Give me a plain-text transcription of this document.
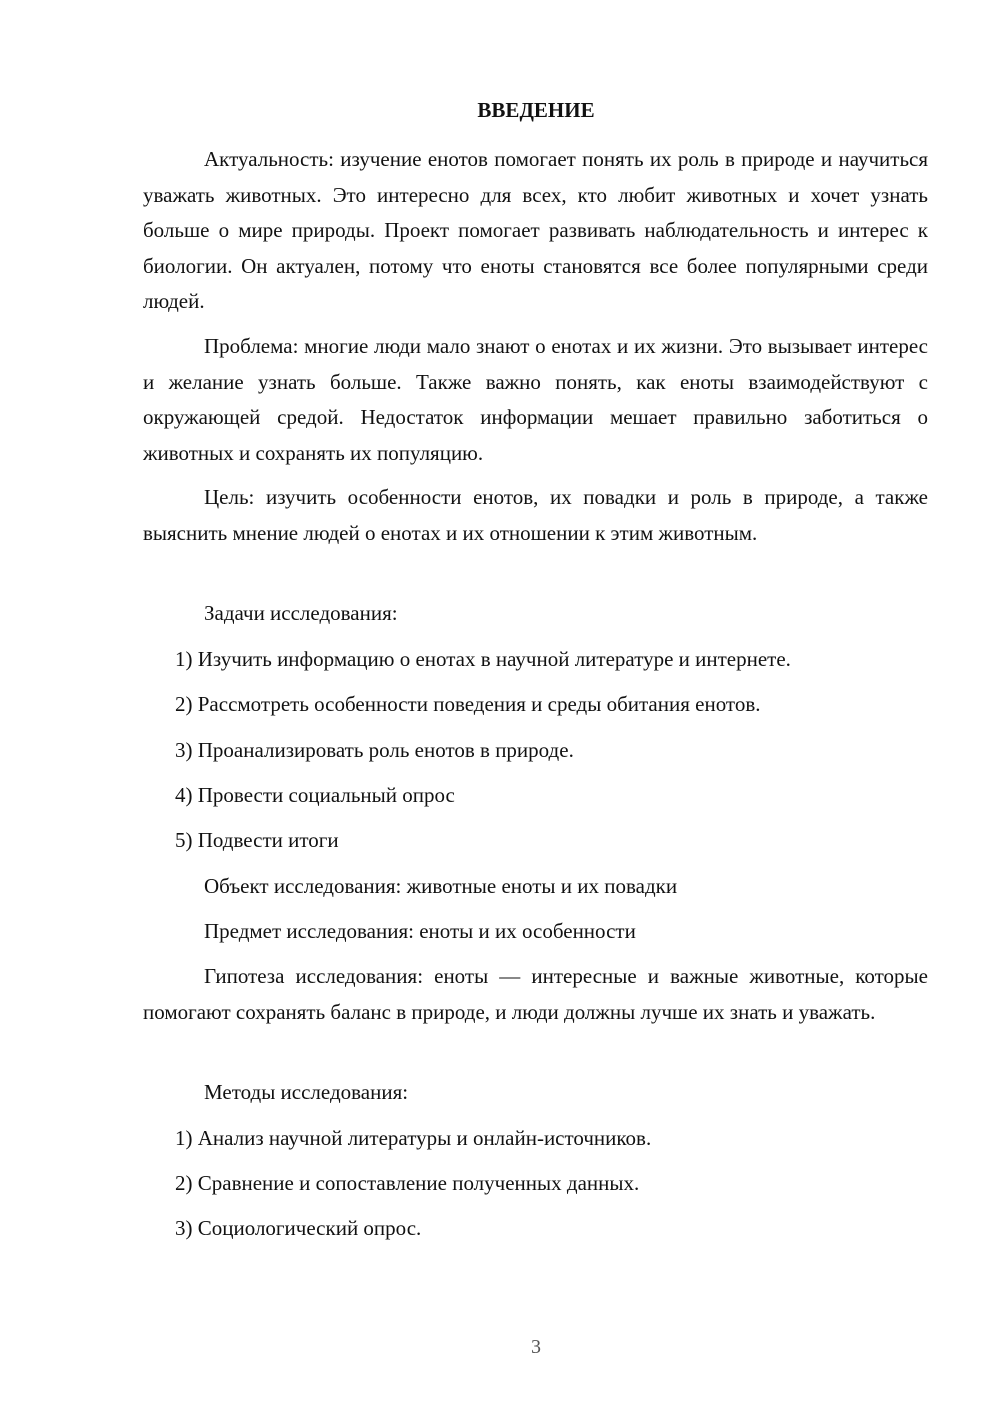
ВВЕДЕНИЕ

Актуальность: изучение енотов помогает понять их роль в природе и научиться уважать животных. Это интересно для всех, кто любит животных и хочет узнать больше о мире природы. Проект помогает развивать наблюдательность и интерес к биологии. Он актуален, потому что еноты становятся все более популярными среди людей.

Проблема: многие люди мало знают о енотах и их жизни. Это вызывает интерес и желание узнать больше. Также важно понять, как еноты взаимодействуют с окружающей средой. Недостаток информации мешает правильно заботиться о животных и сохранять их популяцию.

Цель: изучить особенности енотов, их повадки и роль в природе, а также выяснить мнение людей о енотах и их отношении к этим животным.

Задачи исследования:

1) Изучить информацию о енотах в научной литературе и интернете.

2) Рассмотреть особенности поведения и среды обитания енотов.

3) Проанализировать роль енотов в природе.

4) Провести социальный опрос

5) Подвести итоги

Объект исследования: животные еноты и их повадки

Предмет исследования: еноты и их особенности

Гипотеза исследования: еноты — интересные и важные животные, которые помогают сохранять баланс в природе, и люди должны лучше их знать и уважать.

Методы исследования:

1) Анализ научной литературы и онлайн-источников.

2) Сравнение и сопоставление полученных данных.

3) Социологический опрос.

3
